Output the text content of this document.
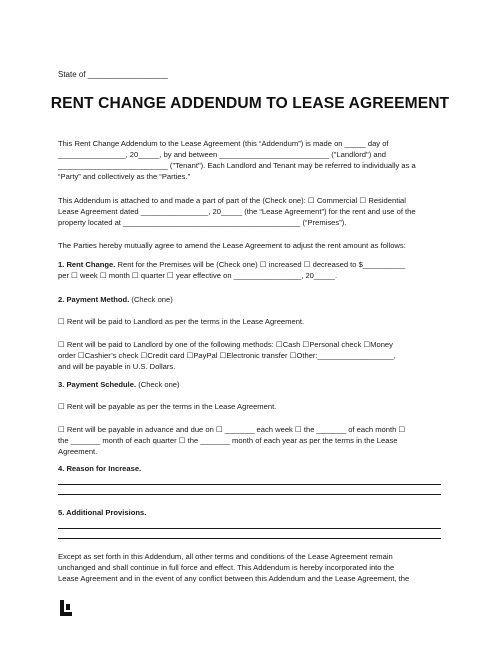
State of __________________
RENT CHANGE ADDENDUM TO LEASE AGREEMENT

This Rent Change Addendum to the Lease Agreement (this “Addendum”) is made on _____ day of

________________, 20_____, by and between __________________________ ("Landlord") and

__________________________ ("Tenant"). Each Landlord and Tenant may be referred to individually as a

“Party” and collectively as the “Parties.”

This Addendum is attached to and made a part of part of the (Check one): ☐ Commercial ☐ Residential

Lease Agreement dated ________________, 20_____ (the “Lease Agreement”) for the rent and use of the

property located at __________________________________________ (“Premises”).

The Parties hereby mutually agree to amend the Lease Agreement to adjust the rent amount as follows:

1. Rent Change. Rent for the Premises will be (Check one) ☐ increased ☐ decreased to $__________

per ☐ week ☐ month ☐ quarter ☐ year effective on ________________, 20_____.

2. Payment Method. (Check one)

☐ Rent will be paid to Landlord as per the terms in the Lease Agreement.

☐ Rent will be paid to Landlord by one of the following methods: ☐Cash ☐Personal check ☐Money

order ☐Cashier’s check ☐Credit card ☐PayPal ☐Electronic transfer ☐Other:__________________,

and will be payable in U.S. Dollars.

3. Payment Schedule. (Check one)

☐ Rent will be payable as per the terms in the Lease Agreement.

☐ Rent will be payable in advance and due on ☐ _______ each week ☐ the _______ of each month ☐

the _______ month of each quarter ☐ the _______ month of each year as per the terms in the Lease

Agreement.

4. Reason for Increase.

5. Additional Provisions.

Except as set forth in this Addendum, all other terms and conditions of the Lease Agreement remain

unchanged and shall continue in full force and effect. This Addendum is hereby incorporated into the

Lease Agreement and in the event of any conflict between this Addendum and the Lease Agreement, the
